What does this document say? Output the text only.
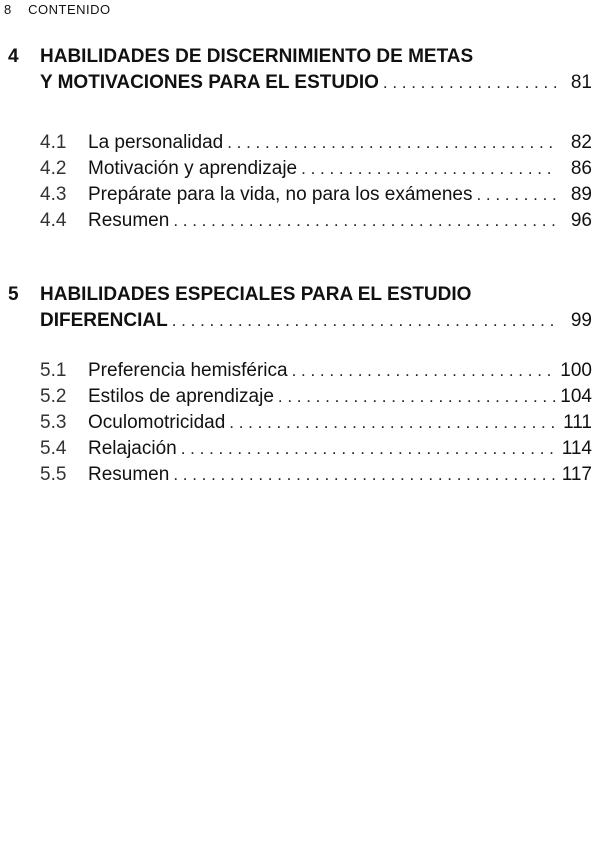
8 CONTENIDO
4 HABILIDADES DE DISCERNIMIENTO DE METAS
Y MOTIVACIONES PARA EL ESTUDIO . . .	81
4.1 La personalidad . . .	82
4.2 Motivación y aprendizaje . . .	86
4.3 Prepárate para la vida, no para los exámenes . . .	89
4.4 Resumen . . .	96
5 HABILIDADES ESPECIALES PARA EL ESTUDIO
DIFERENCIAL . . .	99
5.1 Preferencia hemisférica . . .	100
5.2 Estilos de aprendizaje . . .	104
5.3 Oculomotricidad . . .	111
5.4 Relajación . . .	114
5.5 Resumen . . .	117
